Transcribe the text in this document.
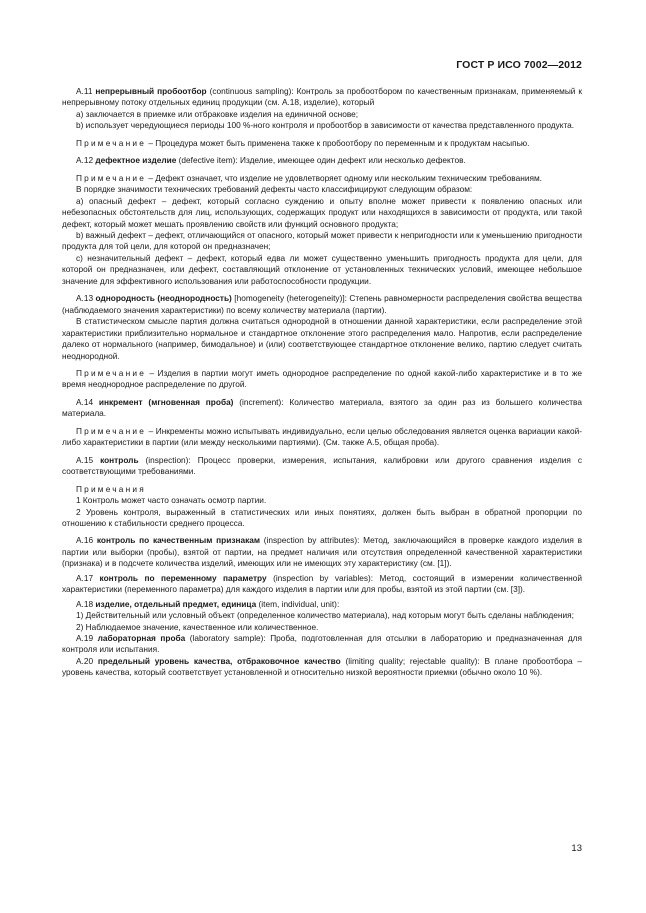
ГОСТ Р ИСО 7002—2012

А.11 непрерывный пробоотбор (continuous sampling): Контроль за пробоотбором по качественным признакам, применяемый к непрерывному потоку отдельных единиц продукции (см. А.18, изделие), который

a) заключается в приемке или отбраковке изделия на единичной основе;

b) использует чередующиеся периоды 100 %-ного контроля и пробоотбор в зависимости от качества представленного продукта.

Примечание – Процедура может быть применена также к пробоотбору по переменным и к продуктам насыпью.

А.12 дефектное изделие (defective item): Изделие, имеющее один дефект или несколько дефектов.

Примечание – Дефект означает, что изделие не удовлетворяет одному или нескольким техническим требованиям.

В порядке значимости технических требований дефекты часто классифицируют следующим образом:

a) опасный дефект – дефект, который согласно суждению и опыту вполне может привести к появлению опасных или небезопасных обстоятельств для лиц, использующих, содержащих продукт или находящихся в зависимости от продукта, или такой дефект, который может мешать проявлению свойств или функций основного продукта;

b) важный дефект – дефект, отличающийся от опасного, который может привести к непригодности или к уменьшению пригодности продукта для той цели, для которой он предназначен;

c) незначительный дефект – дефект, который едва ли может существенно уменьшить пригодность продукта для цели, для которой он предназначен, или дефект, составляющий отклонение от установленных технических условий, имеющее небольшое значение для эффективного использования или работоспособности продукции.

А.13 однородность (неоднородность) [homogeneity (heterogeneity)]: Степень равномерности распределения свойства вещества (наблюдаемого значения характеристики) по всему количеству материала (партии).

В статистическом смысле партия должна считаться однородной в отношении данной характеристики, если распределение этой характеристики приблизительно нормальное и стандартное отклонение этого распределения мало. Напротив, если распределение далеко от нормального (например, бимодальное) и (или) соответствующее стандартное отклонение велико, партию следует считать неоднородной.

Примечание – Изделия в партии могут иметь однородное распределение по одной какой-либо характеристике и в то же время неоднородное распределение по другой.

А.14 инкремент (мгновенная проба) (increment): Количество материала, взятого за один раз из большего количества материала.

Примечание – Инкременты можно испытывать индивидуально, если целью обследования является оценка вариации какой-либо характеристики в партии (или между несколькими партиями). (См. также А.5, общая проба).

А.15 контроль (inspection): Процесс проверки, измерения, испытания, калибровки или другого сравнения изделия с соответствующими требованиями.

Примечания

1 Контроль может часто означать осмотр партии.

2 Уровень контроля, выраженный в статистических или иных понятиях, должен быть выбран в обратной пропорции по отношению к стабильности среднего процесса.

А.16 контроль по качественным признакам (inspection by attributes): Метод, заключающийся в проверке каждого изделия в партии или выборки (пробы), взятой от партии, на предмет наличия или отсутствия определенной качественной характеристики (признака) и в подсчете количества изделий, имеющих или не имеющих эту характеристику (см. [1]).

А.17 контроль по переменному параметру (inspection by variables): Метод, состоящий в измерении количественной характеристики (переменного параметра) для каждого изделия в партии или для пробы, взятой из этой партии (см. [3]).

А.18 изделие, отдельный предмет, единица (item, individual, unit):

1) Действительный или условный объект (определенное количество материала), над которым могут быть сделаны наблюдения;

2) Наблюдаемое значение, качественное или количественное.

А.19 лабораторная проба (laboratory sample): Проба, подготовленная для отсылки в лабораторию и предназначенная для контроля или испытания.

А.20 предельный уровень качества, отбраковочное качество (limiting quality; rejectable quality): В плане пробоотбора – уровень качества, который соответствует установленной и относительно низкой вероятности приемки (обычно около 10 %).

13
